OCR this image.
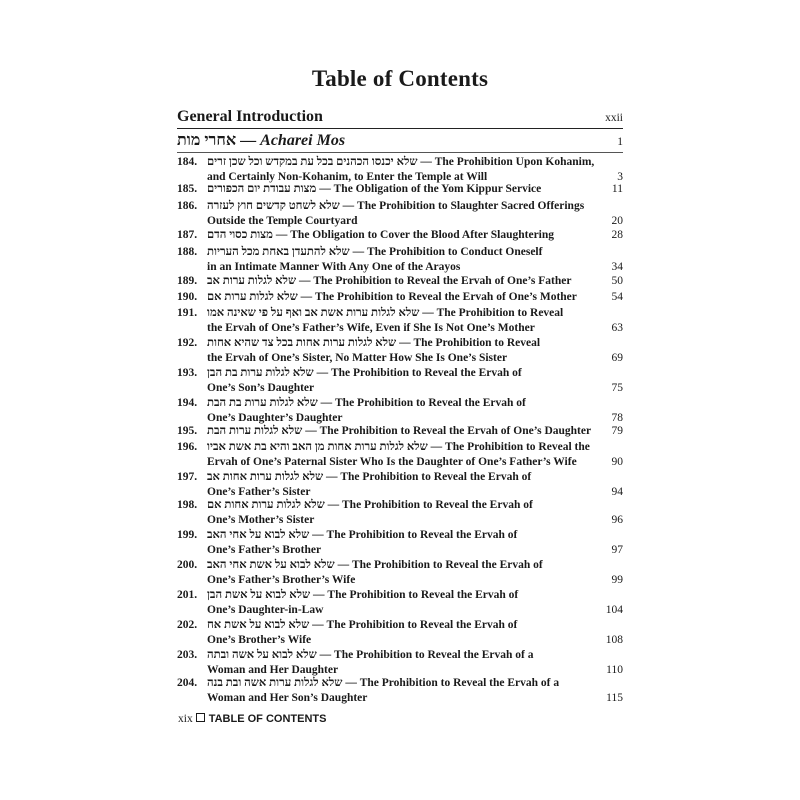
Table of Contents
General Introduction	xxii
אחרי מות — Acharei Mos	1
184. שלא יכנסו הכהנים בכל עת במקדש וכל שכן זרים — The Prohibition Upon Kohanim,
and Certainly Non-Kohanim, to Enter the Temple at Will	3
185. מצות עבודת יום הכפורים — The Obligation of the Yom Kippur Service	11
186. שלא לשחט קדשים חוץ לעזרה — The Prohibition to Slaughter Sacred Offerings
Outside the Temple Courtyard	20
187. מצות כסוי הדם — The Obligation to Cover the Blood After Slaughtering	28
188. שלא להתעדן באחת מכל העריות — The Prohibition to Conduct Oneself
in an Intimate Manner With Any One of the Arayos	34
189. שלא לגלות ערות אב — The Prohibition to Reveal the Ervah of One’s Father	50
190. שלא לגלות ערות אם — The Prohibition to Reveal the Ervah of One’s Mother	54
191. שלא לגלות ערות אשת אב ואף על פי שאינה אמו — The Prohibition to Reveal
the Ervah of One’s Father’s Wife, Even if She Is Not One’s Mother	63
192. שלא לגלות ערות אחות בכל צד שהיא אחות — The Prohibition to Reveal
the Ervah of One’s Sister, No Matter How She Is One’s Sister	69
193. שלא לגלות ערות בת הבן — The Prohibition to Reveal the Ervah of
One’s Son’s Daughter	75
194. שלא לגלות ערות בת הבת — The Prohibition to Reveal the Ervah of
One’s Daughter’s Daughter	78
195. שלא לגלות ערות הבת — The Prohibition to Reveal the Ervah of One’s Daughter 79
196. שלא לגלות ערות אחות מן האב והיא בת אשת אביו — The Prohibition to Reveal the
Ervah of One’s Paternal Sister Who Is the Daughter of One’s Father’s Wife	90
197. שלא לגלות ערות אחות אב — The Prohibition to Reveal the Ervah of
One’s Father’s Sister	94
198. שלא לגלות ערות אחות אם — The Prohibition to Reveal the Ervah of
One’s Mother’s Sister	96
199. שלא לבוא על אחי האב — The Prohibition to Reveal the Ervah of
One’s Father’s Brother	97
200. שלא לבוא על אשת אחי האב — The Prohibition to Reveal the Ervah of
One’s Father’s Brother’s Wife	99
201. שלא לבוא על אשת הבן — The Prohibition to Reveal the Ervah of
One’s Daughter-in-Law	104
202. שלא לבוא על אשת אח — The Prohibition to Reveal the Ervah of
One’s Brother’s Wife	108
203. שלא לבוא על אשה ובתה — The Prohibition to Reveal the Ervah of a
Woman and Her Daughter	110
204. שלא לגלות ערות אשה ובת בנה — The Prohibition to Reveal the Ervah of a
Woman and Her Son’s Daughter	115
xix TABLE OF CONTENTS
